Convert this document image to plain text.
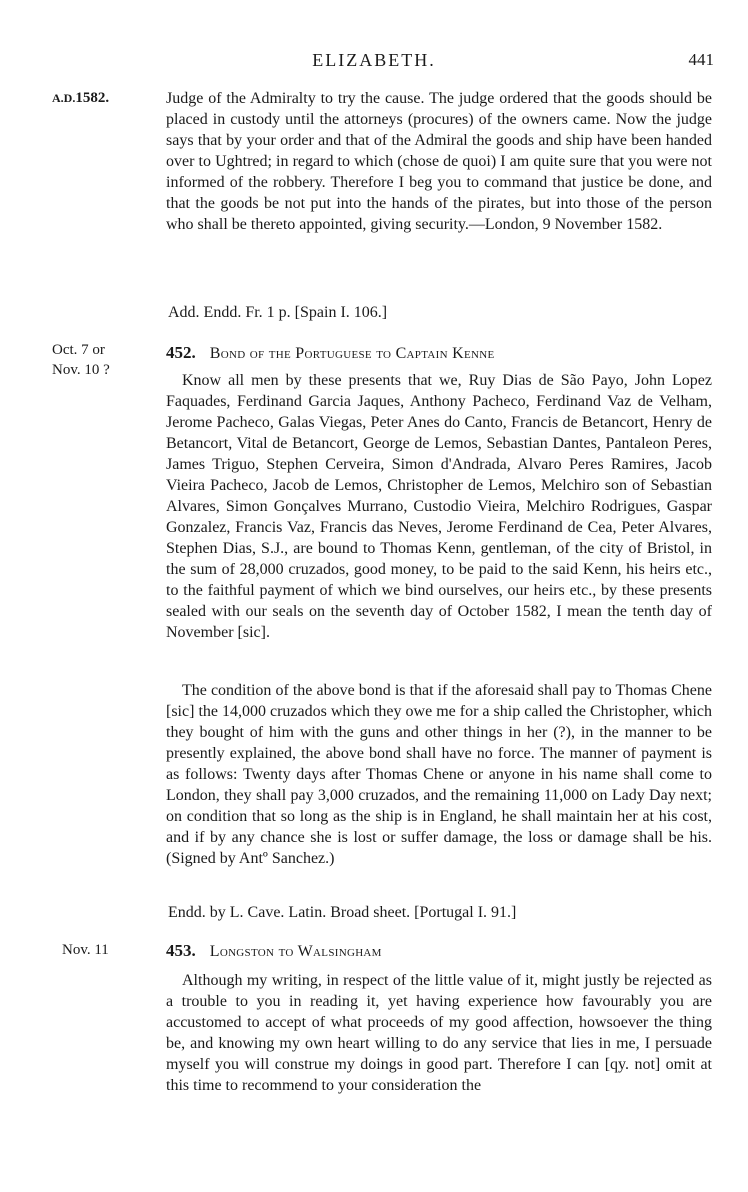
ELIZABETH.	441
A.D.1582.	Judge of the Admiralty to try the cause. The judge ordered that the goods should be placed in custody until the attorneys (procures) of the owners came. Now the judge says that by your order and that of the Admiral the goods and ship have been handed over to Ughtred; in regard to which (chose de quoi) I am quite sure that you were not informed of the robbery. Therefore I beg you to command that justice be done, and that the goods be not put into the hands of the pirates, but into those of the person who shall be thereto appointed, giving security.—London, 9 November 1582.
Add. Endd. Fr. 1 p. [Spain I. 106.]
Oct. 7 or Nov. 10 ?
452. Bond of the Portuguese to Captain Kenne
Know all men by these presents that we, Ruy Dias de São Payo, John Lopez Faquades, Ferdinand Garcia Jaques, Anthony Pacheco, Ferdinand Vaz de Velham, Jerome Pacheco, Galas Viegas, Peter Anes do Canto, Francis de Betancort, Henry de Betancort, Vital de Betancort, George de Lemos, Sebastian Dantes, Pantaleon Peres, James Triguo, Stephen Cerveira, Simon d'Andrada, Alvaro Peres Ramires, Jacob Vieira Pacheco, Jacob de Lemos, Christopher de Lemos, Melchiro son of Sebastian Alvares, Simon Gonçalves Murrano, Custodio Vieira, Melchiro Rodrigues, Gaspar Gonzalez, Francis Vaz, Francis das Neves, Jerome Ferdinand de Cea, Peter Alvares, Stephen Dias, S.J., are bound to Thomas Kenn, gentleman, of the city of Bristol, in the sum of 28,000 cruzados, good money, to be paid to the said Kenn, his heirs etc., to the faithful payment of which we bind ourselves, our heirs etc., by these presents sealed with our seals on the seventh day of October 1582, I mean the tenth day of November [sic].
The condition of the above bond is that if the aforesaid shall pay to Thomas Chene [sic] the 14,000 cruzados which they owe me for a ship called the Christopher, which they bought of him with the guns and other things in her (?), in the manner to be presently explained, the above bond shall have no force. The manner of payment is as follows: Twenty days after Thomas Chene or anyone in his name shall come to London, they shall pay 3,000 cruzados, and the remaining 11,000 on Lady Day next; on condition that so long as the ship is in England, he shall maintain her at his cost, and if by any chance she is lost or suffer damage, the loss or damage shall be his. (Signed by Antº Sanchez.)
Endd. by L. Cave. Latin. Broad sheet. [Portugal I. 91.]
Nov. 11	453. Longston to Walsingham
Although my writing, in respect of the little value of it, might justly be rejected as a trouble to you in reading it, yet having experience how favourably you are accustomed to accept of what proceeds of my good affection, howsoever the thing be, and knowing my own heart willing to do any service that lies in me, I persuade myself you will construe my doings in good part. Therefore I can [qy. not] omit at this time to recommend to your consideration the
